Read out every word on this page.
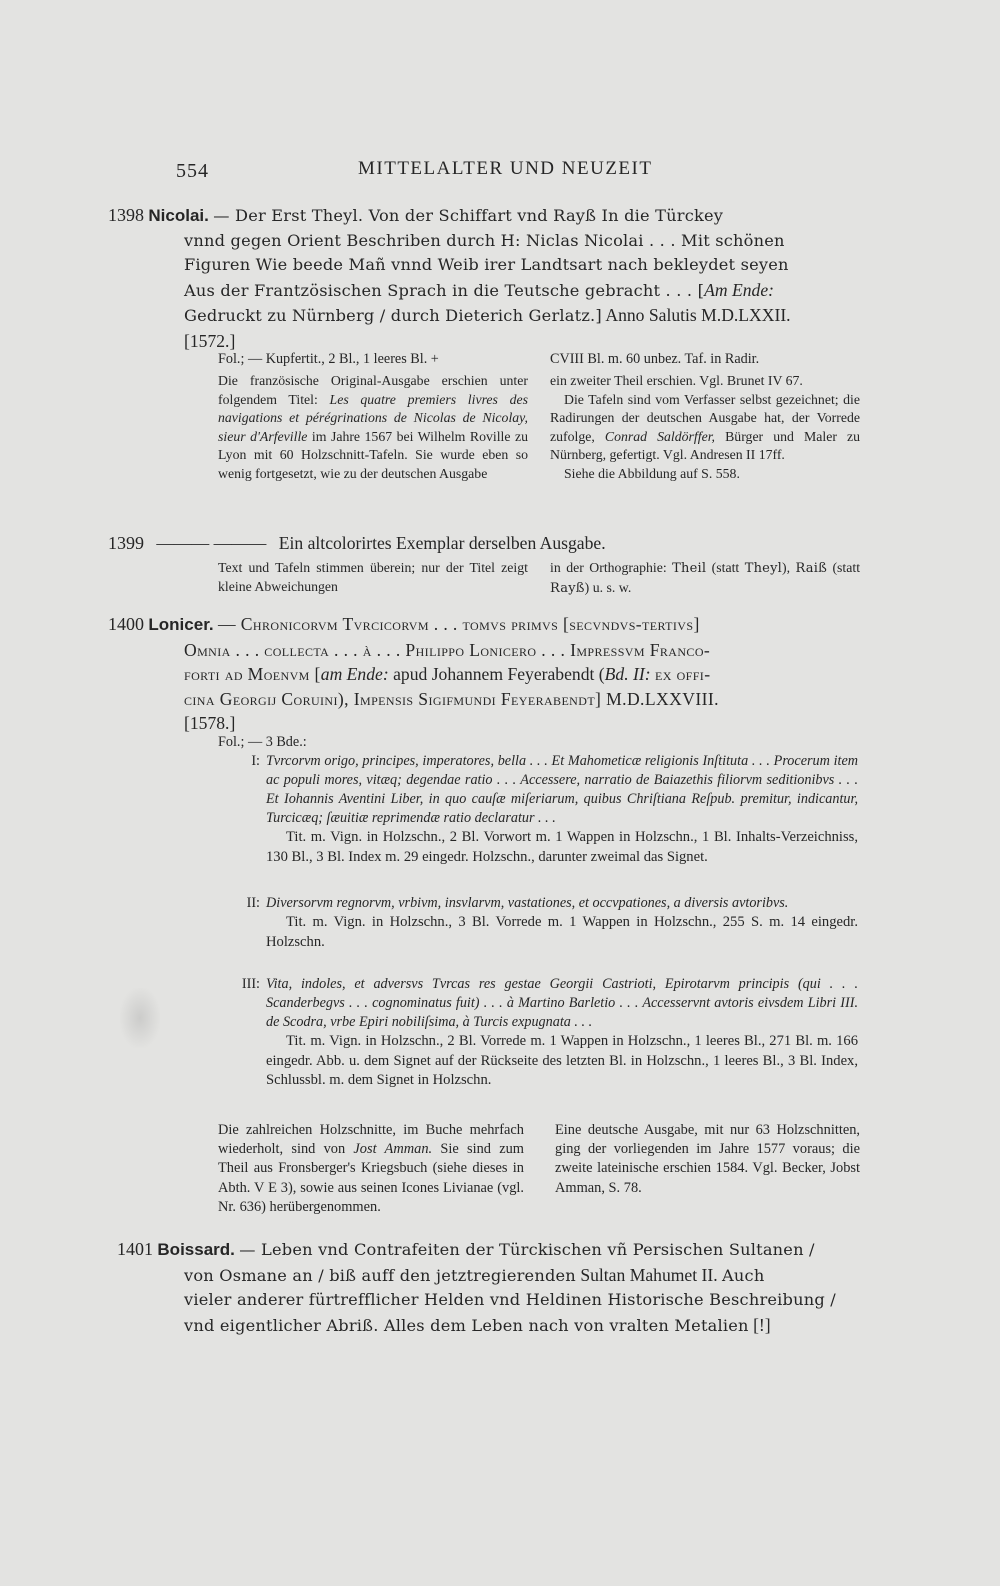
554	MITTELALTER UND NEUZEIT
1398 Nicolai. — Der Erst Theyl. Von der Schiffart vnd Rayß In die Türckey
vnnd gegen Orient Beschriben durch H: Niclas Nicolai . . . Mit schönen
Figuren Wie beede Mañ vnnd Weib irer Landtsart nach bekleydet seyen
Aus der Frantzösischen Sprach in die Teutsche gebracht . . . [Am Ende:
Gedruckt zu Nürnberg / durch Dieterich Gerlatz.] Anno Salutis M.D.LXXII.
[1572.]
Fol.; — Kupfertit., 2 Bl., 1 leeres Bl. +	CVIII Bl. m. 60 unbez. Taf. in Radir.
Die französische Original-Ausgabe erschien unter folgendem Titel: Les quatre premiers livres des navigations et pérégrinations de Nicolas de Nicolay, sieur d'Arfeville im Jahre 1567 bei Wilhelm Roville zu Lyon mit 60 Holzschnitt-Tafeln. Sie wurde eben so wenig fortgesetzt, wie zu der deutschen Ausgabe
ein zweiter Theil erschien. Vgl. Brunet IV 67.
Die Tafeln sind vom Verfasser selbst gezeichnet; die Radirungen der deutschen Ausgabe hat, der Vorrede zufolge, Conrad Saldörffer, Bürger und Maler zu Nürnberg, gefertigt. Vgl. Andresen II 17ff.
Siehe die Abbildung auf S. 558.
1399 ——— ——— Ein altcolorirtes Exemplar derselben Ausgabe.
Text und Tafeln stimmen überein; nur der Titel zeigt kleine Abweichungen
in der Orthographie: Theil (statt Theyl), Raiß (statt Rayß) u. s. w.
1400 Lonicer. — Chronicorvm Tvrcicorvm . . . tomvs primvs [secvndvs-tertivs]
Omnia . . . collecta . . . à . . . Philippo Lonicero . . . Impressvm Franco-
forti ad Moenvm [am Ende: apud Johannem Feyerabendt (Bd. II: ex offi-
cina Georgij Coruini), Impenſis Sigifmundi Feyerabendt] M.D.LXXVIII.
[1578.]
Fol.; — 3 Bde.:
I: Tvrcorvm origo, principes, imperatores, bella . . . Et Mahometicæ religionis Inſtituta . . . Procerum item ac populi mores, vitæq; degendae ratio . . . Accessere, narratio de Baiazethis filiorvm seditionibvs . . . Et Iohannis Aventini Liber, in quo cauſæ miſeriarum, quibus Chriſtiana Reſpub. premitur, indicantur, Turcicæq; ſæuitiæ reprimendæ ratio declaratur . . .
Tit. m. Vign. in Holzschn., 2 Bl. Vorwort m. 1 Wappen in Holzschn., 1 Bl. Inhalts-Verzeichniss, 130 Bl., 3 Bl. Index m. 29 eingedr. Holzschn., darunter zweimal das Signet.
II: Diversorvm regnorvm, vrbivm, insvlarvm, vastationes, et occvpationes, a diversis avtoribvs.
Tit. m. Vign. in Holzschn., 3 Bl. Vorrede m. 1 Wappen in Holzschn., 255 S. m. 14 eingedr. Holzschn.
III: Vita, indoles, et adversvs Tvrcas res gestae Georgii Castrioti, Epirotarvm principis (qui . . . Scanderbegvs . . . cognominatus fuit) . . . à Martino Barletio . . . Accesservnt avtoris eivsdem Libri III. de Scodra, vrbe Epiri nobiliſsima, à Turcis expugnata . . .
Tit. m. Vign. in Holzschn., 2 Bl. Vorrede m. 1 Wappen in Holzschn., 1 leeres Bl., 271 Bl. m. 166 eingedr. Abb. u. dem Signet auf der Rückseite des letzten Bl. in Holzschn., 1 leeres Bl., 3 Bl. Index, Schlussbl. m. dem Signet in Holzschn.
Die zahlreichen Holzschnitte, im Buche mehrfach wiederholt, sind von Jost Amman. Sie sind zum Theil aus Fronsberger's Kriegsbuch (siehe dieses in Abth. V E 3), sowie aus seinen Icones Livianae (vgl. Nr. 636) herübergenommen.
Eine deutsche Ausgabe, mit nur 63 Holzschnitten, ging der vorliegenden im Jahre 1577 voraus; die zweite lateinische erschien 1584. Vgl. Becker, Jobst Amman, S. 78.
1401 Boissard. — Leben vnd Contrafeiten der Türckischen vñ Persischen Sultanen /
von Osmane an / biß auff den jetztregierenden Sultan Mahumet II. Auch
vieler anderer fürtrefflicher Helden vnd Heldinen Historische Beschreibung /
vnd eigentlicher Abriß. Alles dem Leben nach von vralten Metalien [!]
